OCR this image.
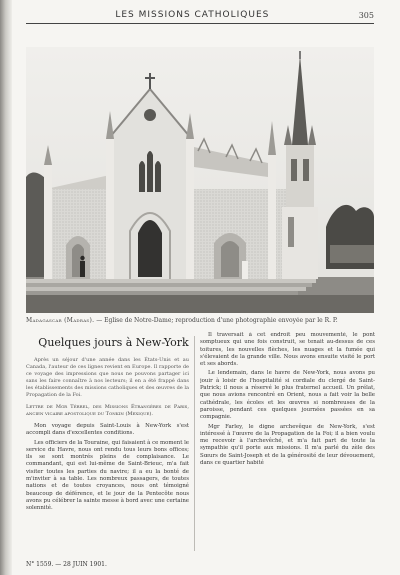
LES MISSIONS CATHOLIQUES	305
Madagascar (Madras). — Église de Notre-Dame; reproduction d'une photographie envoyée par le R. P.
Quelques jours à New-York

Après un séjour d'une année dans les États-Unis et au Canada, l'auteur de ces lignes revient en Europe. Il rapporte de ce voyage des impressions que nous ne pouvons partager ici sans les faire connaître à nos lecteurs; il en a été frappé dans les établissements des missions catholiques et des œuvres de la Propagation de la Foi.

Lettre de Mgr Térrel, des Missions Étrangères de Paris, ancien vicaire apostolique du Tonkin (Mexique).

Mon voyage depuis Saint-Louis à New-York s'est accompli dans d'excellentes conditions.

Les officiers de la Touraine, qui faisaient à ce moment le service du Havre, nous ont rendu tous leurs bons offices; ils se sont montrés pleins de complaisance. Le commandant, qui est lui-même de Saint-Brieuc, m'a fait visiter toutes les parties du navire; il a eu la bonté de m'inviter à sa table. Les nombreux passagers, de toutes nations et de toutes croyances, nous ont témoigné beaucoup de déférence, et le jour de la Pentecôte nous avons pu célébrer la sainte messe à bord avec une certaine solennité.

Il traversait à cet endroit peu mouvementé, le pont somptueux qui une fois construit, se tenait au-dessus de ces toitures, les nouvelles flèches, les nuages et la fumée qui s'élevaient de la grande ville. Nous avons ensuite visité le port et ses abords.

Le lendemain, dans le havre de New-York, nous avons pu jouir à loisir de l'hospitalité si cordiale du clergé de Saint-Patrick; il nous a réservé le plus fraternel accueil. Un prélat, que nous avions rencontré en Orient, nous a fait voir la belle cathédrale, les écoles et les œuvres si nombreuses de la paroisse, pendant ces quelques journées passées en sa compagnie.

Mgr Farley, le digne archevêque de New-York, s'est intéressé à l'œuvre de la Propagation de la Foi; il a bien voulu me recevoir à l'archevêché, et m'a fait part de toute la sympathie qu'il porte aux missions. Il m'a parlé du zèle des Sœurs de Saint-Joseph et de la générosité de leur dévouement, dans ce quartier habité

N° 1559. — 28 JUIN 1901.
